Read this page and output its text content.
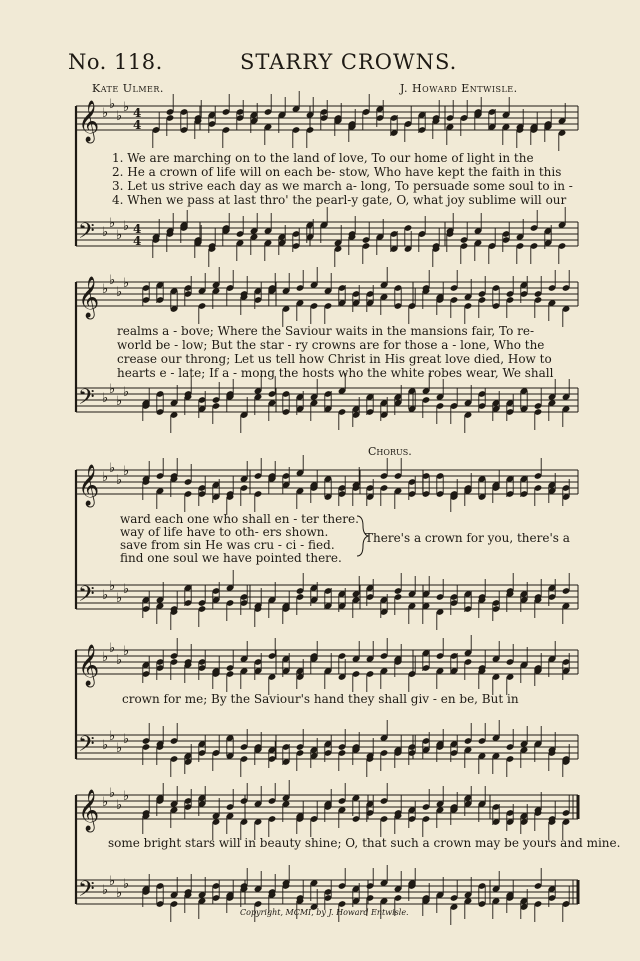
No. 118.	STARRY CROWNS.
Kate Ulmer.	J. Howard Entwisle.
𝄞 ♭
♭
♭
♭ 4
4
𝄢 ♭
♭
♭
♭ 4
4
𝄞 ♭
♭
♭
♭
𝄢 ♭
♭
♭
♭
𝄞 ♭
♭
♭
♭
𝄢 ♭
♭
♭
♭
𝄞 ♭
♭
♭
♭
𝄢 ♭
♭
♭
♭
𝄞 ♭
♭
♭
♭
𝄢 ♭
♭
♭
♭
1. We are marching on to the land of love, To our home of light in the
2. He a crown of life will on each be- stow, Who have kept the faith in this
3. Let us strive each day as we march a- long, To persuade some soul to in -
4. When we pass at last thro' the pearl-y gate, O, what joy sublime will our
realms a - bove; Where the Saviour waits in the mansions fair, To re-
world be - low; But the star - ry crowns are for those a - lone, Who the
crease our throng; Let us tell how Christ in His great love died, How to
hearts e - late; If a - mong the hosts who the white robes wear, We shall
ward each one who shall en - ter there.
way of life have to oth- ers shown.
save from sin He was cru - ci - fied.
find one soul we have pointed there.
Chorus.
There's a crown for you, there's a
crown for me; By the Saviour's hand they shall giv - en be, But in
some bright stars will in beauty shine; O, that such a crown may be yours and mine.
Copyright, MCMI, by J. Howard Entwisle.
